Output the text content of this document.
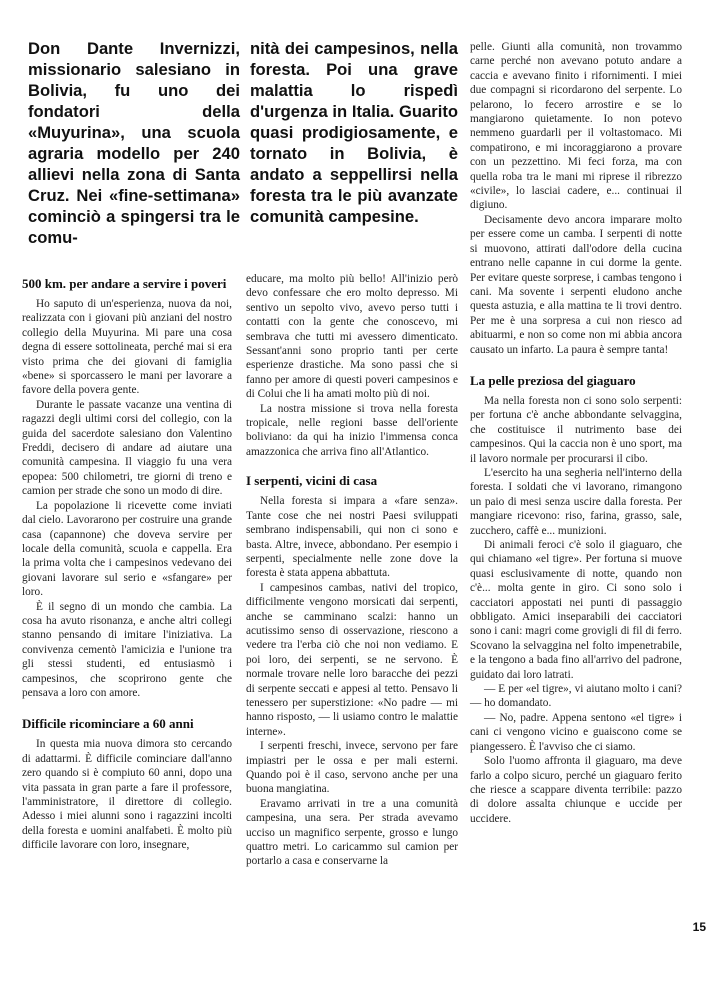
Don Dante Invernizzi, missionario salesiano in Bolivia, fu uno dei fondatori della «Muyurina», una scuola agraria modello per 240 allievi nella zona di Santa Cruz. Nei «fine-settimana» cominciò a spingersi tra le comu-

nità dei campesinos, nella foresta. Poi una grave malattia lo rispedì d'urgenza in Italia. Guarito quasi prodigiosamente, e tornato in Bolivia, è andato a seppellirsi nella foresta tra le più avanzate comunità campesine.

500 km. per andare a servire i poveri

Ho saputo di un'esperienza, nuova da noi, realizzata con i giovani più anziani del nostro collegio della Muyurina. Mi pare una cosa degna di essere sottolineata, perché mai si era visto prima che dei giovani di famiglia «bene» si sporcassero le mani per lavorare a favore della povera gente.

Durante le passate vacanze una ventina di ragazzi degli ultimi corsi del collegio, con la guida del sacerdote salesiano don Valentino Freddi, decisero di andare ad aiutare una comunità campesina. Il viaggio fu una vera epopea: 500 chilometri, tre giorni di treno e camion per strade che sono un modo di dire.

La popolazione li ricevette come inviati dal cielo. Lavorarono per costruire una grande casa (capannone) che doveva servire per locale della comunità, scuola e cappella. Era la prima volta che i campesinos vedevano dei giovani lavorare sul serio e «sfangare» per loro.

È il segno di un mondo che cambia. La cosa ha avuto risonanza, e anche altri collegi stanno pensando di imitare l'iniziativa. La convivenza cementò l'amicizia e l'unione tra gli stessi studenti, ed entusiasmò i campesinos, che scoprirono gente che pensava a loro con amore.

Difficile ricominciare a 60 anni

In questa mia nuova dimora sto cercando di adattarmi. È difficile cominciare dall'anno zero quando si è compiuto 60 anni, dopo una vita passata in gran parte a fare il professore, l'amministratore, il direttore di collegio. Adesso i miei alunni sono i ragazzini incolti della foresta e uomini analfabeti. È molto più difficile lavorare con loro, insegnare,

educare, ma molto più bello! All'inizio però devo confessare che ero molto depresso. Mi sentivo un sepolto vivo, avevo perso tutti i contatti con la gente che conoscevo, mi sembrava che tutti mi avessero dimenticato. Sessant'anni sono proprio tanti per certe esperienze drastiche. Ma sono passi che si fanno per amore di questi poveri campesinos e di Colui che li ha amati molto più di noi.

La nostra missione si trova nella foresta tropicale, nelle regioni basse dell'oriente boliviano: da qui ha inizio l'immensa conca amazzonica che arriva fino all'Atlantico.

I serpenti, vicini di casa

Nella foresta si impara a «fare senza». Tante cose che nei nostri Paesi sviluppati sembrano indispensabili, qui non ci sono e basta. Altre, invece, abbondano. Per esempio i serpenti, specialmente nelle zone dove la foresta è stata appena abbattuta.

I campesinos cambas, nativi del tropico, difficilmente vengono morsicati dai serpenti, anche se camminano scalzi: hanno un acutissimo senso di osservazione, riescono a vedere tra l'erba ciò che noi non vediamo. E poi loro, dei serpenti, se ne servono. È normale trovare nelle loro baracche dei pezzi di serpente seccati e appesi al tetto. Pensavo li tenessero per superstizione: «No padre — mi hanno risposto, — li usiamo contro le malattie interne».

I serpenti freschi, invece, servono per fare impiastri per le ossa e per mali esterni. Quando poi è il caso, servono anche per una buona mangiatina.

Eravamo arrivati in tre a una comunità campesina, una sera. Per strada avevamo ucciso un magnifico serpente, grosso e lungo quattro metri. Lo caricammo sul camion per portarlo a casa e conservarne la

pelle. Giunti alla comunità, non trovammo carne perché non avevano potuto andare a caccia e avevano finito i rifornimenti. I miei due compagni si ricordarono del serpente. Lo pelarono, lo fecero arrostire e se lo mangiarono quietamente. Io non potevo nemmeno guardarli per il voltastomaco. Mi compatirono, e mi incoraggiarono a provare con un pezzettino. Mi feci forza, ma con quella roba tra le mani mi riprese il ribrezzo «civile», lo lasciai cadere, e... continuai il digiuno.

Decisamente devo ancora imparare molto per essere come un camba. I serpenti di notte si muovono, attirati dall'odore della cucina entrano nelle capanne in cui dorme la gente. Per evitare queste sorprese, i cambas tengono i cani. Ma sovente i serpenti eludono anche questa astuzia, e alla mattina te li trovi dentro. Per me è una sorpresa a cui non riesco ad abituarmi, e non so come non mi abbia ancora causato un infarto. La paura è sempre tanta!

La pelle preziosa del giaguaro

Ma nella foresta non ci sono solo serpenti: per fortuna c'è anche abbondante selvaggina, che costituisce il nutrimento base dei campesinos. Qui la caccia non è uno sport, ma il lavoro normale per procurarsi il cibo.

L'esercito ha una segheria nell'interno della foresta. I soldati che vi lavorano, rimangono un paio di mesi senza uscire dalla foresta. Per mangiare ricevono: riso, farina, grasso, sale, zucchero, caffè e... munizioni.

Di animali feroci c'è solo il giaguaro, che qui chiamano «el tigre». Per fortuna si muove quasi esclusivamente di notte, quando non c'è... molta gente in giro. Ci sono solo i cacciatori appostati nei punti di passaggio obbligato. Amici inseparabili dei cacciatori sono i cani: magri come grovigli di fil di ferro. Scovano la selvaggina nel folto impenetrabile, e la tengono a bada fino all'arrivo del padrone, guidato dai loro latrati.

— E per «el tigre», vi aiutano molto i cani? — ho domandato.

— No, padre. Appena sentono «el tigre» i cani ci vengono vicino e guaiscono come se piangessero. È l'avviso che ci siamo.

Solo l'uomo affronta il giaguaro, ma deve farlo a colpo sicuro, perché un giaguaro ferito che riesce a scappare diventa terribile: pazzo di dolore assalta chiunque e uccide per uccidere.

15
